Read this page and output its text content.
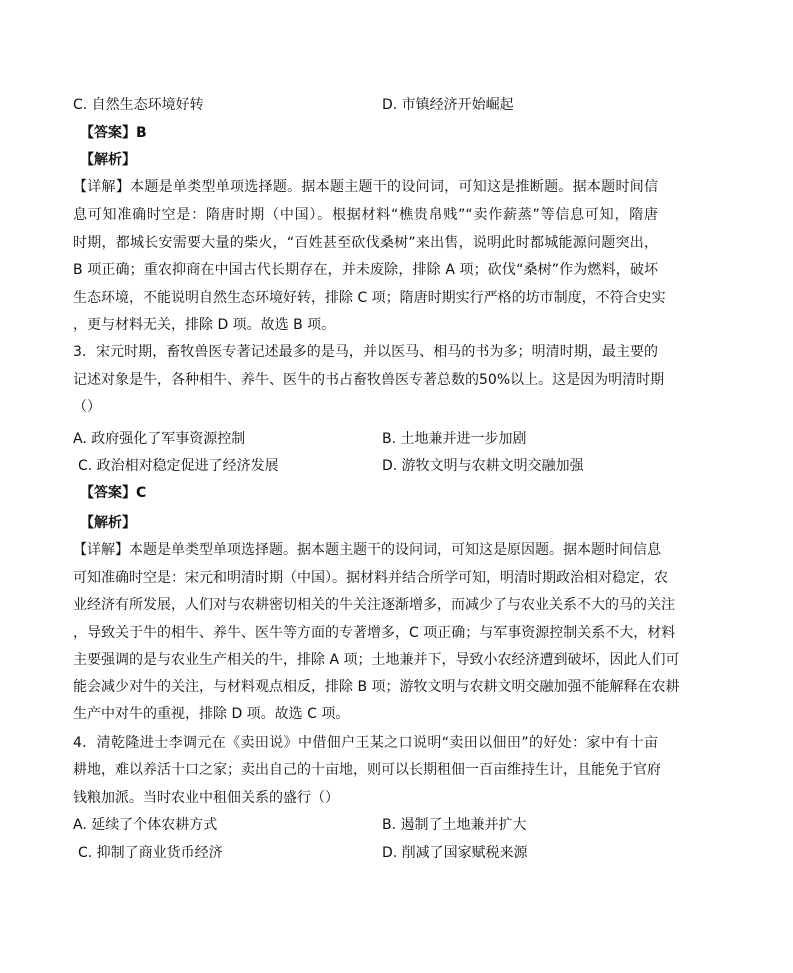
C. 自然生态环境好转	D. 市镇经济开始崛起
【答案】B
【解析】
【详解】本题是单类型单项选择题。据本题主题干的设问词，可知这是推断题。据本题时间信
息可知准确时空是：隋唐时期（中国）。根据材料“樵贵帛贱”“卖作薪蒸”等信息可知，隋唐
时期，都城长安需要大量的柴火，“百姓甚至砍伐桑树”来出售，说明此时都城能源问题突出，
B 项正确；重农抑商在中国古代长期存在，并未废除，排除 A 项；砍伐“桑树”作为燃料，破坏
生态环境，不能说明自然生态环境好转，排除 C 项；隋唐时期实行严格的坊市制度，不符合史实
，更与材料无关，排除 D 项。故选 B 项。
3．宋元时期，畜牧兽医专著记述最多的是马，并以医马、相马的书为多；明清时期，最主要的
记述对象是牛，各种相牛、养牛、医牛的书占畜牧兽医专著总数的50%以上。这是因为明清时期
（）
A. 政府强化了军事资源控制	B. 土地兼并进一步加剧
C. 政治相对稳定促进了经济发展	D. 游牧文明与农耕文明交融加强
【答案】C
【解析】
【详解】本题是单类型单项选择题。据本题主题干的设问词，可知这是原因题。据本题时间信息
可知准确时空是：宋元和明清时期（中国）。据材料并结合所学可知，明清时期政治相对稳定，农
业经济有所发展，人们对与农耕密切相关的牛关注逐渐增多，而减少了与农业关系不大的马的关注
，导致关于牛的相牛、养牛、医牛等方面的专著增多，C 项正确；与军事资源控制关系不大，材料
主要强调的是与农业生产相关的牛，排除 A 项；土地兼并下，导致小农经济遭到破坏，因此人们可
能会减少对牛的关注，与材料观点相反，排除 B 项；游牧文明与农耕文明交融加强不能解释在农耕
生产中对牛的重视，排除 D 项。故选 C 项。
4．清乾隆进士李调元在《卖田说》中借佃户王某之口说明“卖田以佃田”的好处：家中有十亩
耕地，难以养活十口之家；卖出自己的十亩地，则可以长期租佃一百亩维持生计，且能免于官府
钱粮加派。当时农业中租佃关系的盛行（）
A. 延续了个体农耕方式	B. 遏制了土地兼并扩大
C. 抑制了商业货币经济	D. 削减了国家赋税来源
